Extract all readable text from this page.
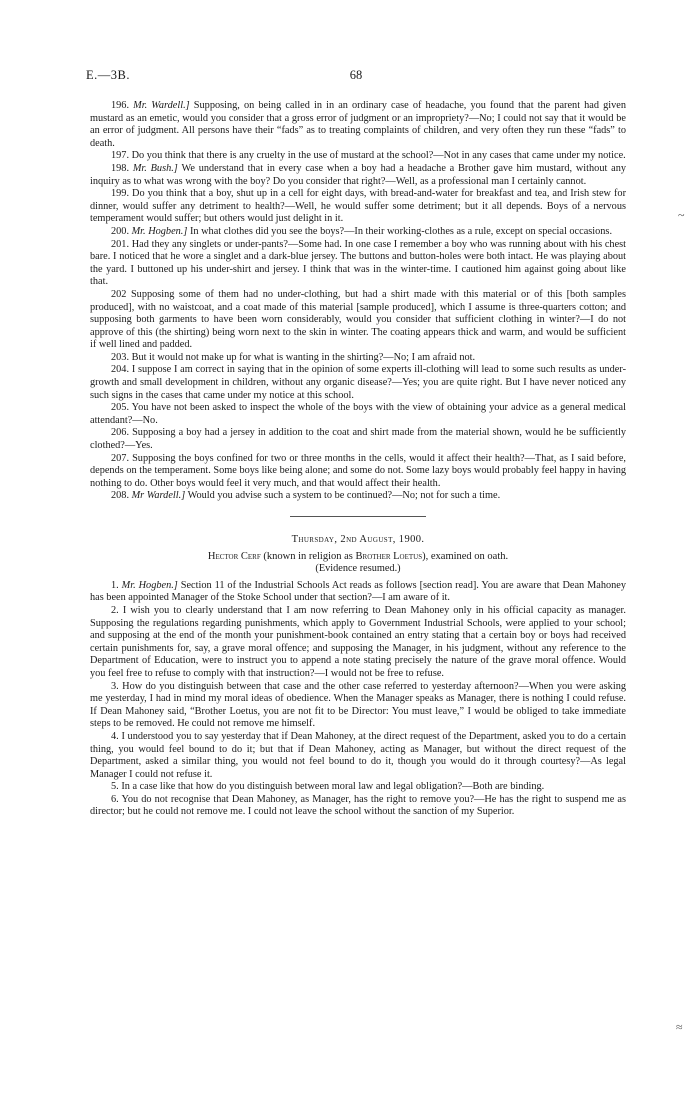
E.—3B.	68
~
≈

196. Mr. Wardell.] Supposing, on being called in in an ordinary case of headache, you found that the parent had given mustard as an emetic, would you consider that a gross error of judgment or an impropriety?—No; I could not say that it would be an error of judgment. All persons have their “fads” as to treating complaints of children, and very often they run these “fads” to death.

197. Do you think that there is any cruelty in the use of mustard at the school?—Not in any cases that came under my notice.

198. Mr. Bush.] We understand that in every case when a boy had a headache a Brother gave him mustard, without any inquiry as to what was wrong with the boy? Do you consider that right?—Well, as a professional man I certainly cannot.

199. Do you think that a boy, shut up in a cell for eight days, with bread-and-water for breakfast and tea, and Irish stew for dinner, would suffer any detriment to health?—Well, he would suffer some detriment; but it all depends. Boys of a nervous temperament would suffer; but others would just delight in it.

200. Mr. Hogben.] In what clothes did you see the boys?—In their working-clothes as a rule, except on special occasions.

201. Had they any singlets or under-pants?—Some had. In one case I remember a boy who was running about with his chest bare. I noticed that he wore a singlet and a dark-blue jersey. The buttons and button-holes were both intact. He was playing about the yard. I buttoned up his under-shirt and jersey. I think that was in the winter-time. I cautioned him against going about like that.

202 Supposing some of them had no under-clothing, but had a shirt made with this material or of this [both samples produced], with no waistcoat, and a coat made of this material [sample produced], which I assume is three-quarters cotton; and supposing both garments to have been worn considerably, would you consider that sufficient clothing in winter?—I do not approve of this (the shirting) being worn next to the skin in winter. The coating appears thick and warm, and would be sufficient if well lined and padded.

203. But it would not make up for what is wanting in the shirting?—No; I am afraid not.

204. I suppose I am correct in saying that in the opinion of some experts ill-clothing will lead to some such results as under-growth and small development in children, without any organic disease?—Yes; you are quite right. But I have never noticed any such signs in the cases that came under my notice at this school.

205. You have not been asked to inspect the whole of the boys with the view of obtaining your advice as a general medical attendant?—No.

206. Supposing a boy had a jersey in addition to the coat and shirt made from the material shown, would he be sufficiently clothed?—Yes.

207. Supposing the boys confined for two or three months in the cells, would it affect their health?—That, as I said before, depends on the temperament. Some boys like being alone; and some do not. Some lazy boys would probably feel happy in having nothing to do. Other boys would feel it very much, and that would affect their health.

208. Mr Wardell.] Would you advise such a system to be continued?—No; not for such a time.

Thursday, 2nd August, 1900.

Hector Cerf (known in religion as Brother Loetus), examined on oath.

(Evidence resumed.)

1. Mr. Hogben.] Section 11 of the Industrial Schools Act reads as follows [section read]. You are aware that Dean Mahoney has been appointed Manager of the Stoke School under that section?—I am aware of it.

2. I wish you to clearly understand that I am now referring to Dean Mahoney only in his official capacity as manager. Supposing the regulations regarding punishments, which apply to Government Industrial Schools, were applied to your school; and supposing at the end of the month your punishment-book contained an entry stating that a certain boy or boys had received certain punishments for, say, a grave moral offence; and supposing the Manager, in his judgment, without any reference to the Department of Education, were to instruct you to append a note stating precisely the nature of the grave moral offence. Would you feel free to refuse to comply with that instruction?—I would not be free to refuse.

3. How do you distinguish between that case and the other case referred to yesterday afternoon?—When you were asking me yesterday, I had in mind my moral ideas of obedience. When the Manager speaks as Manager, there is nothing I could refuse. If Dean Mahoney said, “Brother Loetus, you are not fit to be Director: You must leave,” I would be obliged to take immediate steps to be removed. He could not remove me himself.

4. I understood you to say yesterday that if Dean Mahoney, at the direct request of the Department, asked you to do a certain thing, you would feel bound to do it; but that if Dean Mahoney, acting as Manager, but without the direct request of the Department, asked a similar thing, you would not feel bound to do it, though you would do it through courtesy?—As legal Manager I could not refuse it.

5. In a case like that how do you distinguish between moral law and legal obligation?—Both are binding.

6. You do not recognise that Dean Mahoney, as Manager, has the right to remove you?—He has the right to suspend me as director; but he could not remove me. I could not leave the school without the sanction of my Superior.
